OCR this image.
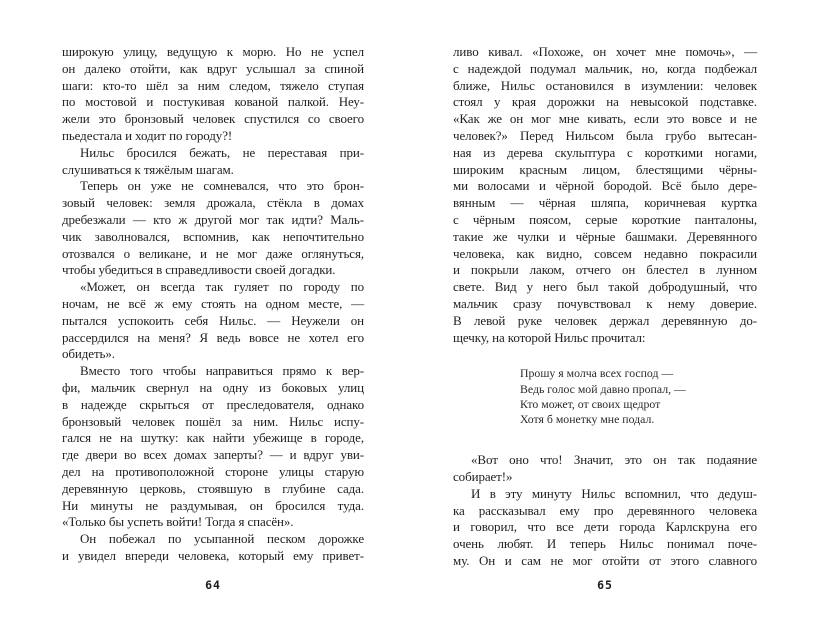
широкую улицу, ведущую к морю. Но не успел
он далеко отойти, как вдруг услышал за спиной
шаги: кто-то шёл за ним следом, тяжело ступая
по мостовой и постукивая кованой палкой. Неу-
жели это бронзовый человек спустился со своего
пьедестала и ходит по городу?!
Нильс бросился бежать, не переставая при-
слушиваться к тяжёлым шагам.
Теперь он уже не сомневался, что это брон-
зовый человек: земля дрожала, стёкла в домах
дребезжали — кто ж другой мог так идти? Маль-
чик заволновался, вспомнив, как непочтительно
отозвался о великане, и не мог даже оглянуться,
чтобы убедиться в справедливости своей догадки.
«Может, он всегда так гуляет по городу по
ночам, не всё ж ему стоять на одном месте, —
пытался успокоить себя Нильс. — Неужели он
рассердился на меня? Я ведь вовсе не хотел его
обидеть».
Вместо того чтобы направиться прямо к вер-
фи, мальчик свернул на одну из боковых улиц
в надежде скрыться от преследователя, однако
бронзовый человек пошёл за ним. Нильс испу-
гался не на шутку: как найти убежище в городе,
где двери во всех домах заперты? — и вдруг уви-
дел на противоположной стороне улицы старую
деревянную церковь, стоявшую в глубине сада.
Ни минуты не раздумывая, он бросился туда.
«Только бы успеть войти! Тогда я спасён».
Он побежал по усыпанной песком дорожке
и увидел впереди человека, который ему привет-
ливо кивал. «Похоже, он хочет мне помочь», —
с надеждой подумал мальчик, но, когда подбежал
ближе, Нильс остановился в изумлении: человек
стоял у края дорожки на невысокой подставке.
«Как же он мог мне кивать, если это вовсе и не
человек?» Перед Нильсом была грубо вытесан-
ная из дерева скульптура с короткими ногами,
широким красным лицом, блестящими чёрны-
ми волосами и чёрной бородой. Всё было дере-
вянным — чёрная шляпа, коричневая куртка
с чёрным поясом, серые короткие панталоны,
такие же чулки и чёрные башмаки. Деревянного
человека, как видно, совсем недавно покрасили
и покрыли лаком, отчего он блестел в лунном
свете. Вид у него был такой добродушный, что
мальчик сразу почувствовал к нему доверие.
В левой руке человек держал деревянную до-
щечку, на которой Нильс прочитал:
Прошу я молча всех господ —
Ведь голос мой давно пропал, —
Кто может, от своих щедрот
Хотя б монетку мне подал.
«Вот оно что! Значит, это он так подаяние
собирает!»
И в эту минуту Нильс вспомнил, что дедуш-
ка рассказывал ему про деревянного человека
и говорил, что все дети города Карлскруна его
очень любят. И теперь Нильс понимал поче-
му. Он и сам не мог отойти от этого славного
64	65
